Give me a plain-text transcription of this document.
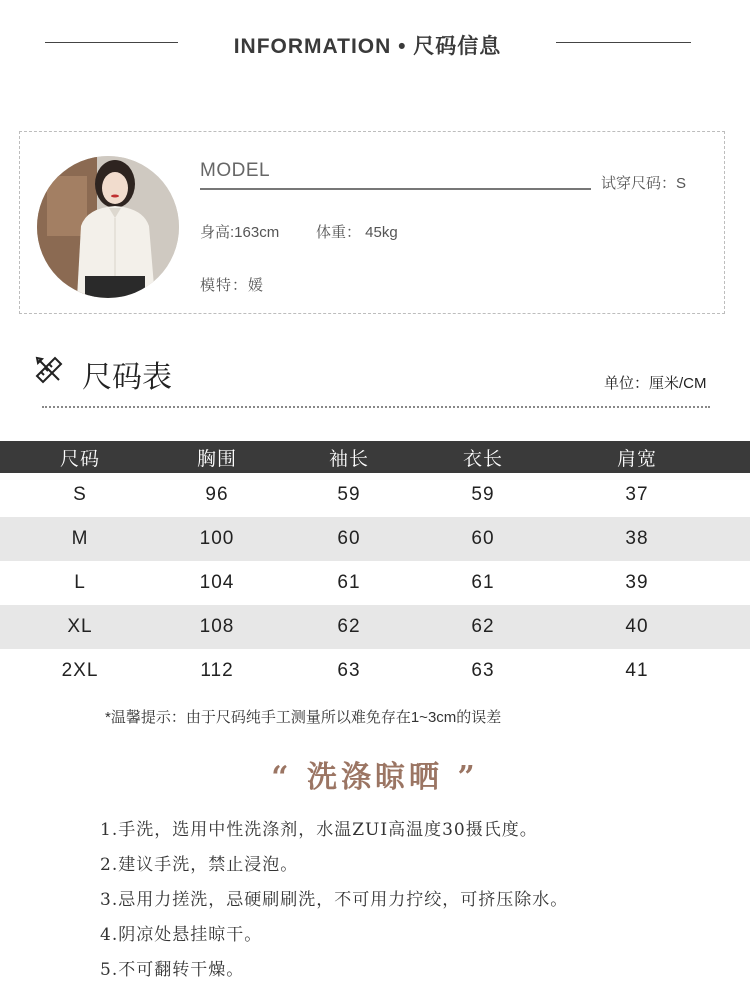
INFORMATION • 尺码信息
MODEL
试穿尺码：S
身高:163cm 体重： 45kg
模特：媛
尺码表	单位：厘米/CM
尺码	胸围	袖长	衣长	肩宽
S	96	59	59	37
M	100	60	60	38
L	104	61	61	39
XL	108	62	62	40
2XL	112	63	63	41
*温馨提示：由于尺码纯手工测量所以难免存在1~3cm的误差
“ 洗涤晾晒 ”
1.手洗，选用中性洗涤剂，水温ZUI高温度30摄氏度。
2.建议手洗，禁止浸泡。
3.忌用力搓洗，忌硬刷刷洗，不可用力拧绞，可挤压除水。
4.阴凉处悬挂晾干。
5.不可翻转干燥。
